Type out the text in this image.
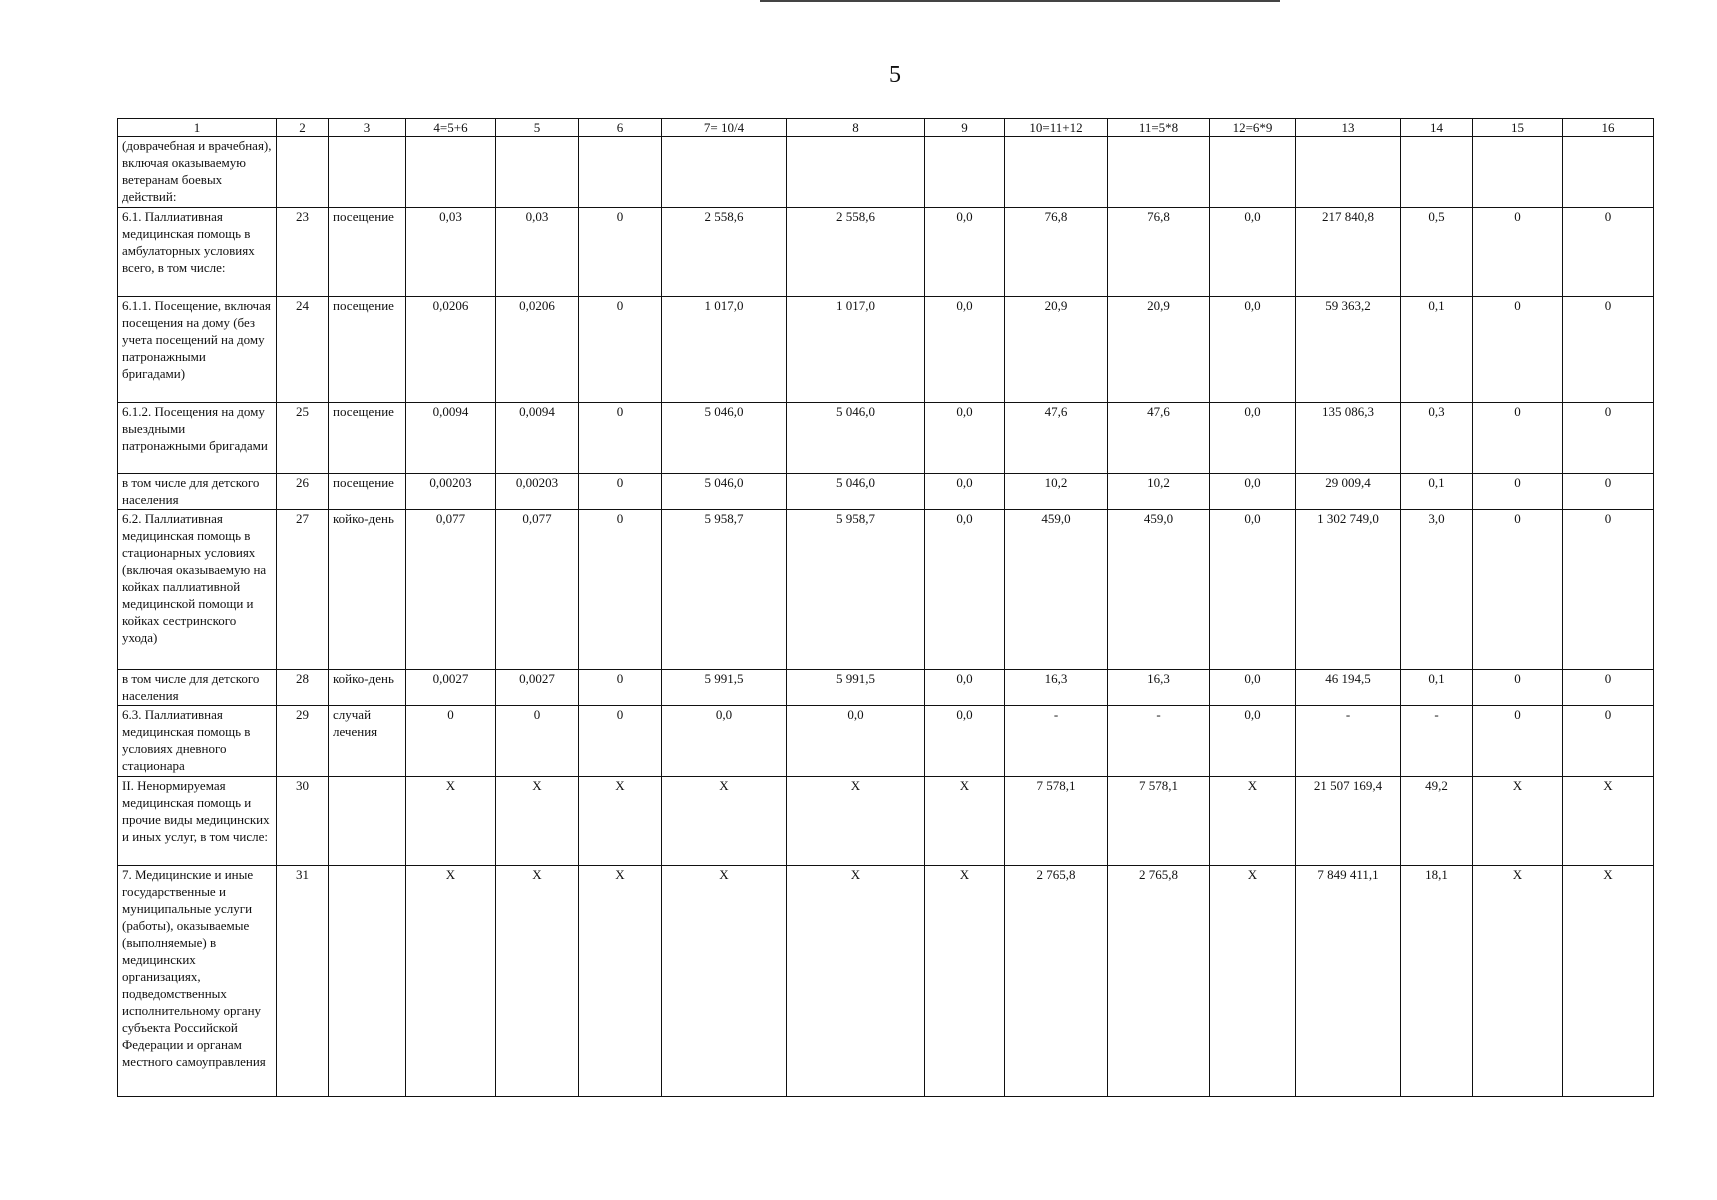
5
1	2	3	4=5+6	5	6	7= 10/4	8	9	10=11+12	11=5*8	12=6*9	13	14	15	16
(доврачебная и врачебная), включая оказываемую ветеранам боевых действий:															
6.1. Паллиативная медицинская помощь в амбулаторных условиях всего, в том числе:	23	посещение	0,03	0,03	0	2 558,6	2 558,6	0,0	76,8	76,8	0,0	217 840,8	0,5	0	0
6.1.1. Посещение, включая посещения на дому (без учета посещений на дому патронажными бригадами)	24	посещение	0,0206	0,0206	0	1 017,0	1 017,0	0,0	20,9	20,9	0,0	59 363,2	0,1	0	0
6.1.2. Посещения на дому выездными патронажными бригадами	25	посещение	0,0094	0,0094	0	5 046,0	5 046,0	0,0	47,6	47,6	0,0	135 086,3	0,3	0	0
в том числе для детского населения	26	посещение	0,00203	0,00203	0	5 046,0	5 046,0	0,0	10,2	10,2	0,0	29 009,4	0,1	0	0
6.2. Паллиативная медицинская помощь в стационарных условиях (включая оказываемую на койках паллиативной медицинской помощи и койках сестринского ухода)	27	койко-день	0,077	0,077	0	5 958,7	5 958,7	0,0	459,0	459,0	0,0	1 302 749,0	3,0	0	0
в том числе для детского населения	28	койко-день	0,0027	0,0027	0	5 991,5	5 991,5	0,0	16,3	16,3	0,0	46 194,5	0,1	0	0
6.3. Паллиативная медицинская помощь в условиях дневного стационара	29	случай лечения	0	0	0	0,0	0,0	0,0	-	-	0,0	-	-	0	0
II. Ненормируемая медицинская помощь и прочие виды медицинских и иных услуг, в том числе:	30		X	X	X	X	X	X	7 578,1	7 578,1	X	21 507 169,4	49,2	X	X
7. Медицинские и иные государственные и муниципальные услуги (работы), оказываемые (выполняемые) в медицинских организациях, подведомственных исполнительному органу субъекта Российской Федерации и органам местного самоуправления	31		X	X	X	X	X	X	2 765,8	2 765,8	X	7 849 411,1	18,1	X	X
